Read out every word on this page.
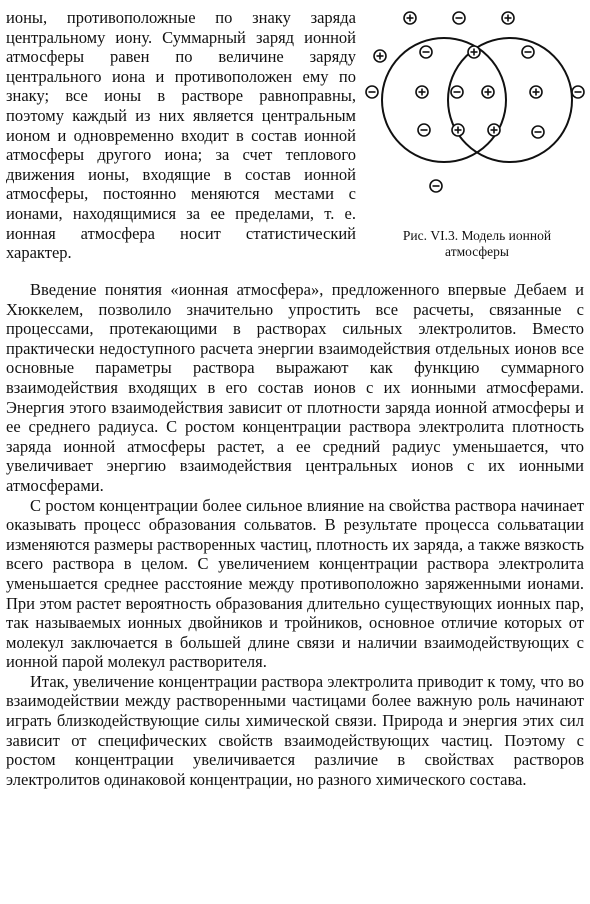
ионы, противоположные по знаку заряда центральному иону. Суммарный заряд ионной атмосферы равен по величине заряду центрального иона и противоположен ему по знаку; все ионы в растворе равноправны, поэтому каждый из них является центральным ионом и одновременно входит в состав ионной атмосферы другого иона; за счет теплового движения ионы, входящие в состав ионной атмосферы, постоянно меняются местами с ионами, находящимися за ее пределами, т. е. ионная атмосфера носит статистический характер.
Рис. VI.3. Модель ионной
атмосферы

Введение понятия «ионная атмосфера», предложенного впервые Дебаем и Хюккелем, позволило значительно упростить все расчеты, связанные с процессами, протекающими в растворах сильных электролитов. Вместо практически недоступного расчета энергии взаимодействия отдельных ионов все основные параметры раствора выражают как функцию суммарного взаимодействия входящих в его состав ионов с их ионными атмосферами. Энергия этого взаимодействия зависит от плотности заряда ионной атмосферы и ее среднего радиуса. С ростом концентрации раствора электролита плотность заряда ионной атмосферы растет, а ее средний радиус уменьшается, что увеличивает энергию взаимодействия центральных ионов с их ионными атмосферами.

С ростом концентрации более сильное влияние на свойства раствора начинает оказывать процесс образования сольватов. В результате процесса сольватации изменяются размеры растворенных частиц, плотность их заряда, а также вязкость всего раствора в целом. С увеличением концентрации раствора электролита уменьшается среднее расстояние между противоположно заряженными ионами. При этом растет вероятность образования длительно существующих ионных пар, так называемых ионных двойников и тройников, основное отличие которых от молекул заключается в большей длине связи и наличии взаимодействующих с ионной парой молекул растворителя.

Итак, увеличение концентрации раствора электролита приводит к тому, что во взаимодействии между растворенными частицами более важную роль начинают играть близкодействующие силы химической связи. Природа и энергия этих сил зависит от специфических свойств взаимодействующих частиц. Поэтому с ростом концентрации увеличивается различие в свойствах растворов электролитов одинаковой концентрации, но разного химического состава.
